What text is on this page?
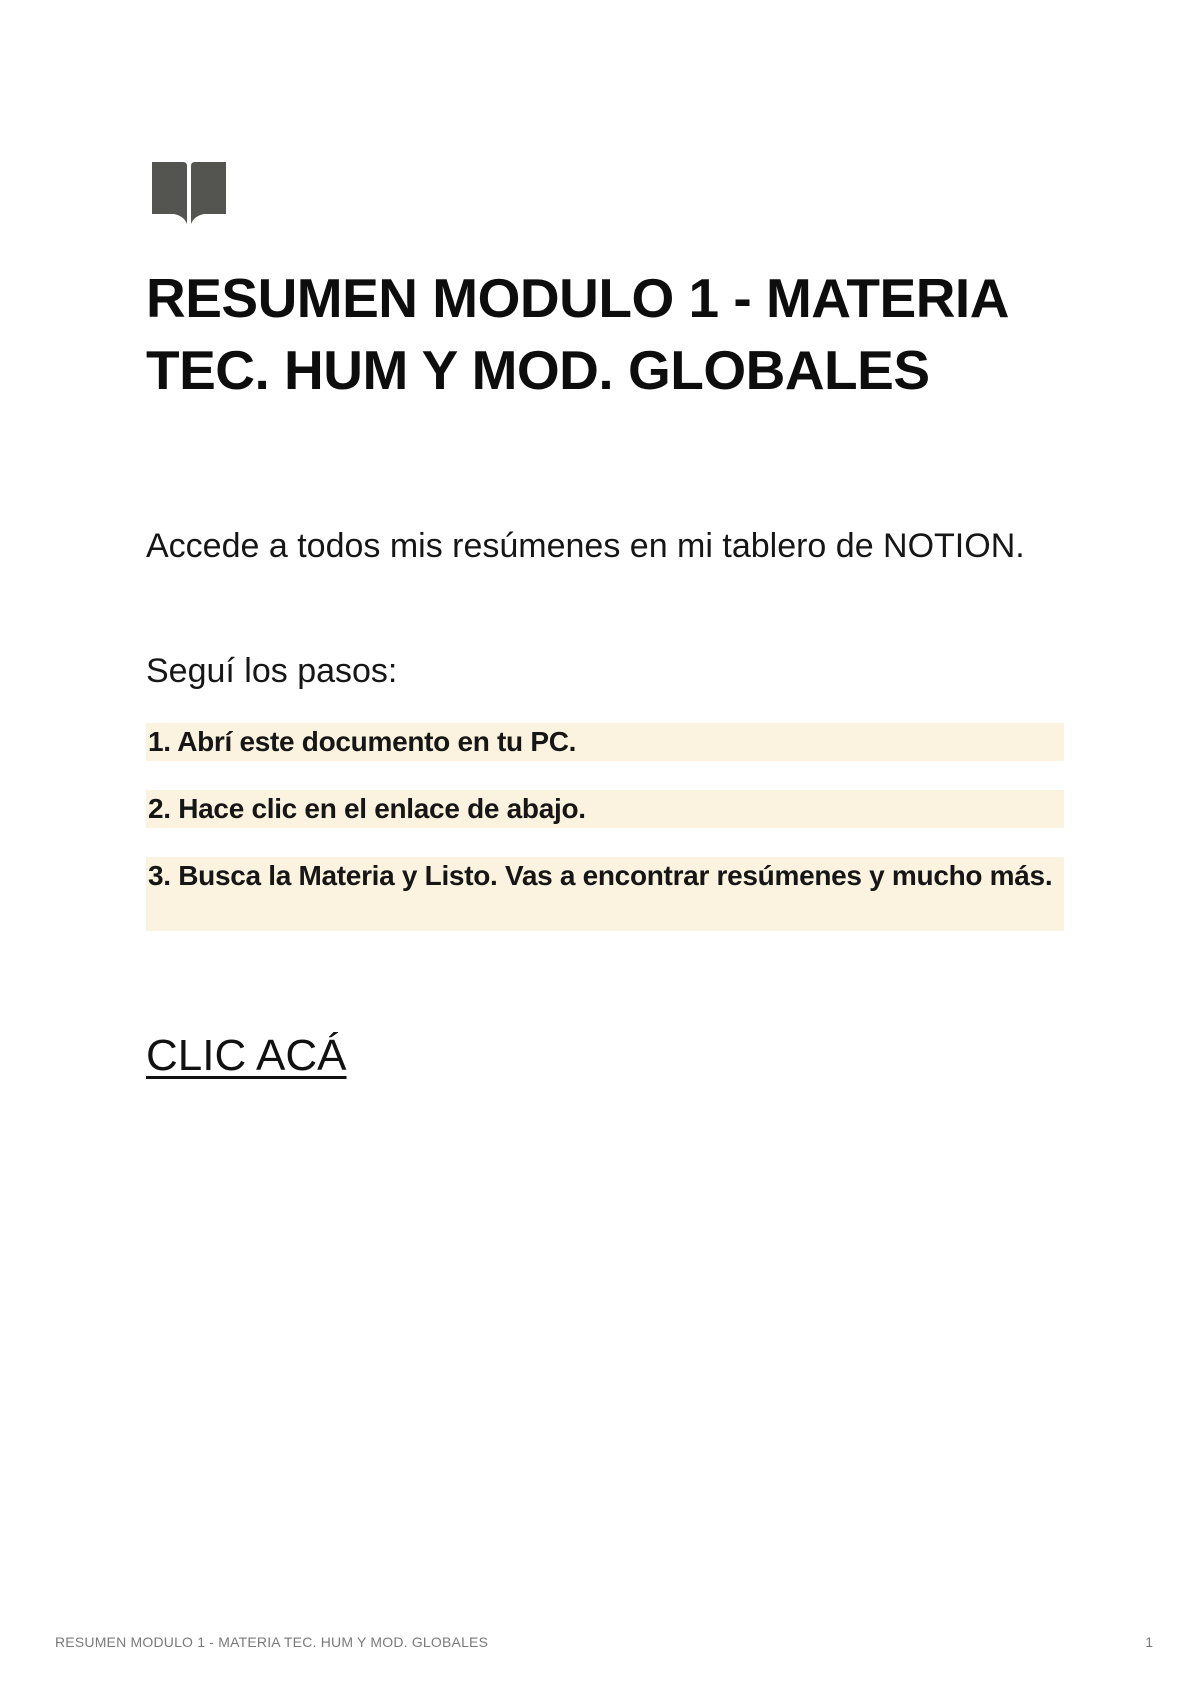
RESUMEN MODULO 1 - MATERIA TEC. HUM Y MOD. GLOBALES

Accede a todos mis resúmenes en mi tablero de NOTION.

Seguí los pasos:

1. Abrí este documento en tu PC.
2. Hace clic en el enlace de abajo.
3. Busca la Materia y Listo. Vas a encontrar resúmenes y mucho más.
CLIC ACÁ
RESUMEN MODULO 1 - MATERIA TEC. HUM Y MOD. GLOBALES	1
